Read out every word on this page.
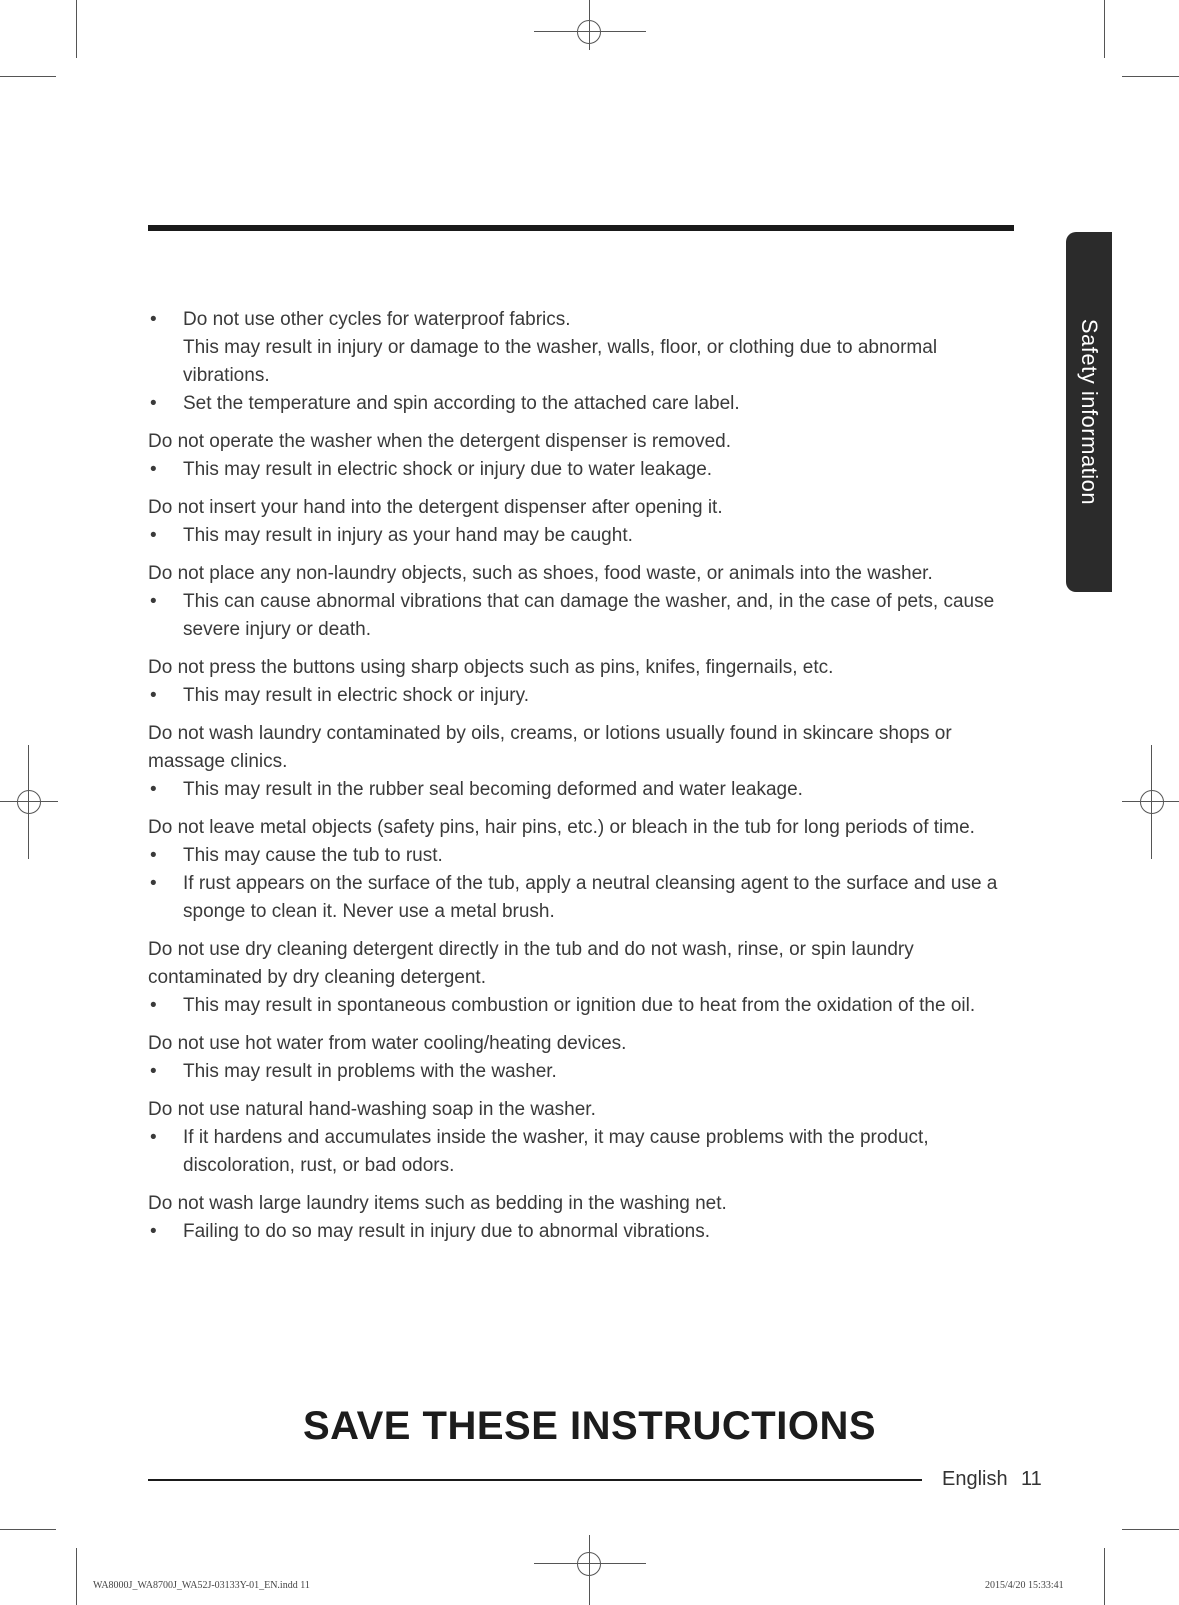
Safety information
• Do not use other cycles for waterproof fabrics.
This may result in injury or damage to the washer, walls, floor, or clothing due to abnormal vibrations.
• Set the temperature and spin according to the attached care label.
Do not operate the washer when the detergent dispenser is removed.
• This may result in electric shock or injury due to water leakage.
Do not insert your hand into the detergent dispenser after opening it.
• This may result in injury as your hand may be caught.
Do not place any non-laundry objects, such as shoes, food waste, or animals into the washer.
• This can cause abnormal vibrations that can damage the washer, and, in the case of pets, cause severe injury or death.
Do not press the buttons using sharp objects such as pins, knifes, fingernails, etc.
• This may result in electric shock or injury.
Do not wash laundry contaminated by oils, creams, or lotions usually found in skincare shops or massage clinics.
• This may result in the rubber seal becoming deformed and water leakage.
Do not leave metal objects (safety pins, hair pins, etc.) or bleach in the tub for long periods of time.
• This may cause the tub to rust.
• If rust appears on the surface of the tub, apply a neutral cleansing agent to the surface and use a sponge to clean it. Never use a metal brush.
Do not use dry cleaning detergent directly in the tub and do not wash, rinse, or spin laundry contaminated by dry cleaning detergent.
• This may result in spontaneous combustion or ignition due to heat from the oxidation of the oil.
Do not use hot water from water cooling/heating devices.
• This may result in problems with the washer.
Do not use natural hand-washing soap in the washer.
• If it hardens and accumulates inside the washer, it may cause problems with the product, discoloration, rust, or bad odors.
Do not wash large laundry items such as bedding in the washing net.
• Failing to do so may result in injury due to abnormal vibrations.
SAVE THESE INSTRUCTIONS
English 11
WA8000J_WA8700J_WA52J-03133Y-01_EN.indd 11	2015/4/20 15:33:41
